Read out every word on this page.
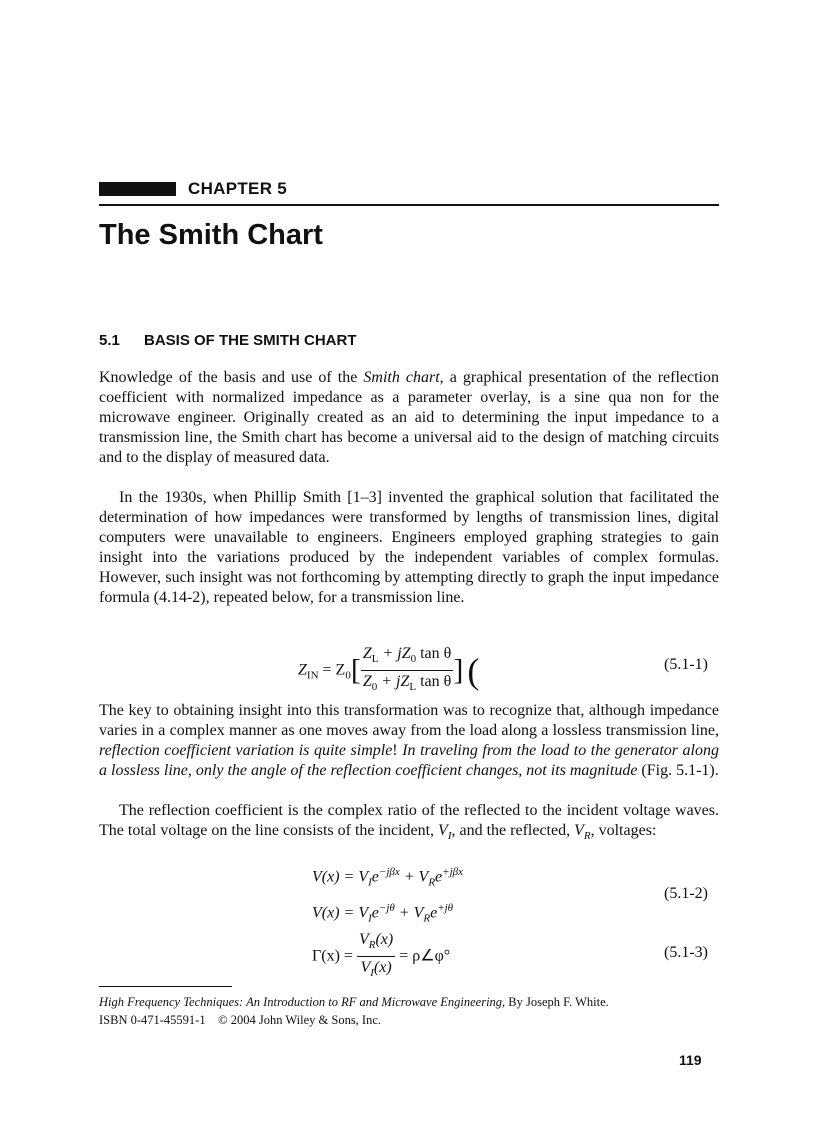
CHAPTER 5
The Smith Chart
5.1 BASIS OF THE SMITH CHART

Knowledge of the basis and use of the Smith chart, a graphical presentation of the reflection coefficient with normalized impedance as a parameter overlay, is a sine qua non for the microwave engineer. Originally created as an aid to determining the input impedance to a transmission line, the Smith chart has become a universal aid to the design of matching circuits and to the display of measured data.

In the 1930s, when Phillip Smith [1–3] invented the graphical solution that facilitated the determination of how impedances were transformed by lengths of transmission lines, digital computers were unavailable to engineers. Engineers employed graphing strategies to gain insight into the variations produced by the independent variables of complex formulas. However, such insight was not forthcoming by attempting directly to graph the input impedance formula (4.14-2), repeated below, for a transmission line.

$Z_{IN} = Z_0[ \frac{Z_L + jZ_0 \tan \theta}{Z_0 + jZ_L \tan \theta}$ ] (	(5.1-1)

The key to obtaining insight into this transformation was to recognize that, although impedance varies in a complex manner as one moves away from the load along a lossless transmission line, reflection coefficient variation is quite simple! In traveling from the load to the generator along a lossless line, only the angle of the reflection coefficient changes, not its magnitude (Fig. 5.1-1).

The reflection coefficient is the complex ratio of the reflected to the incident voltage waves. The total voltage on the line consists of the incident, $V_I$, and the reflected, $V_R$, voltages:

$V(x) = V_Ie^{-j\beta x} + V_Re^{+j\beta x}$
$V(x) = V_Ie^{-j\theta} + V_Re^{+j\theta}$
(5.1-2)
$\Gamma(x) = \frac{V_R(x)}{V_I(x)}$ = ρ∠φ°	(5.1-3)

High Frequency Techniques: An Introduction to RF and Microwave Engineering, By Joseph F. White.

ISBN 0-471-45591-1    © 2004 John Wiley & Sons, Inc.

119
